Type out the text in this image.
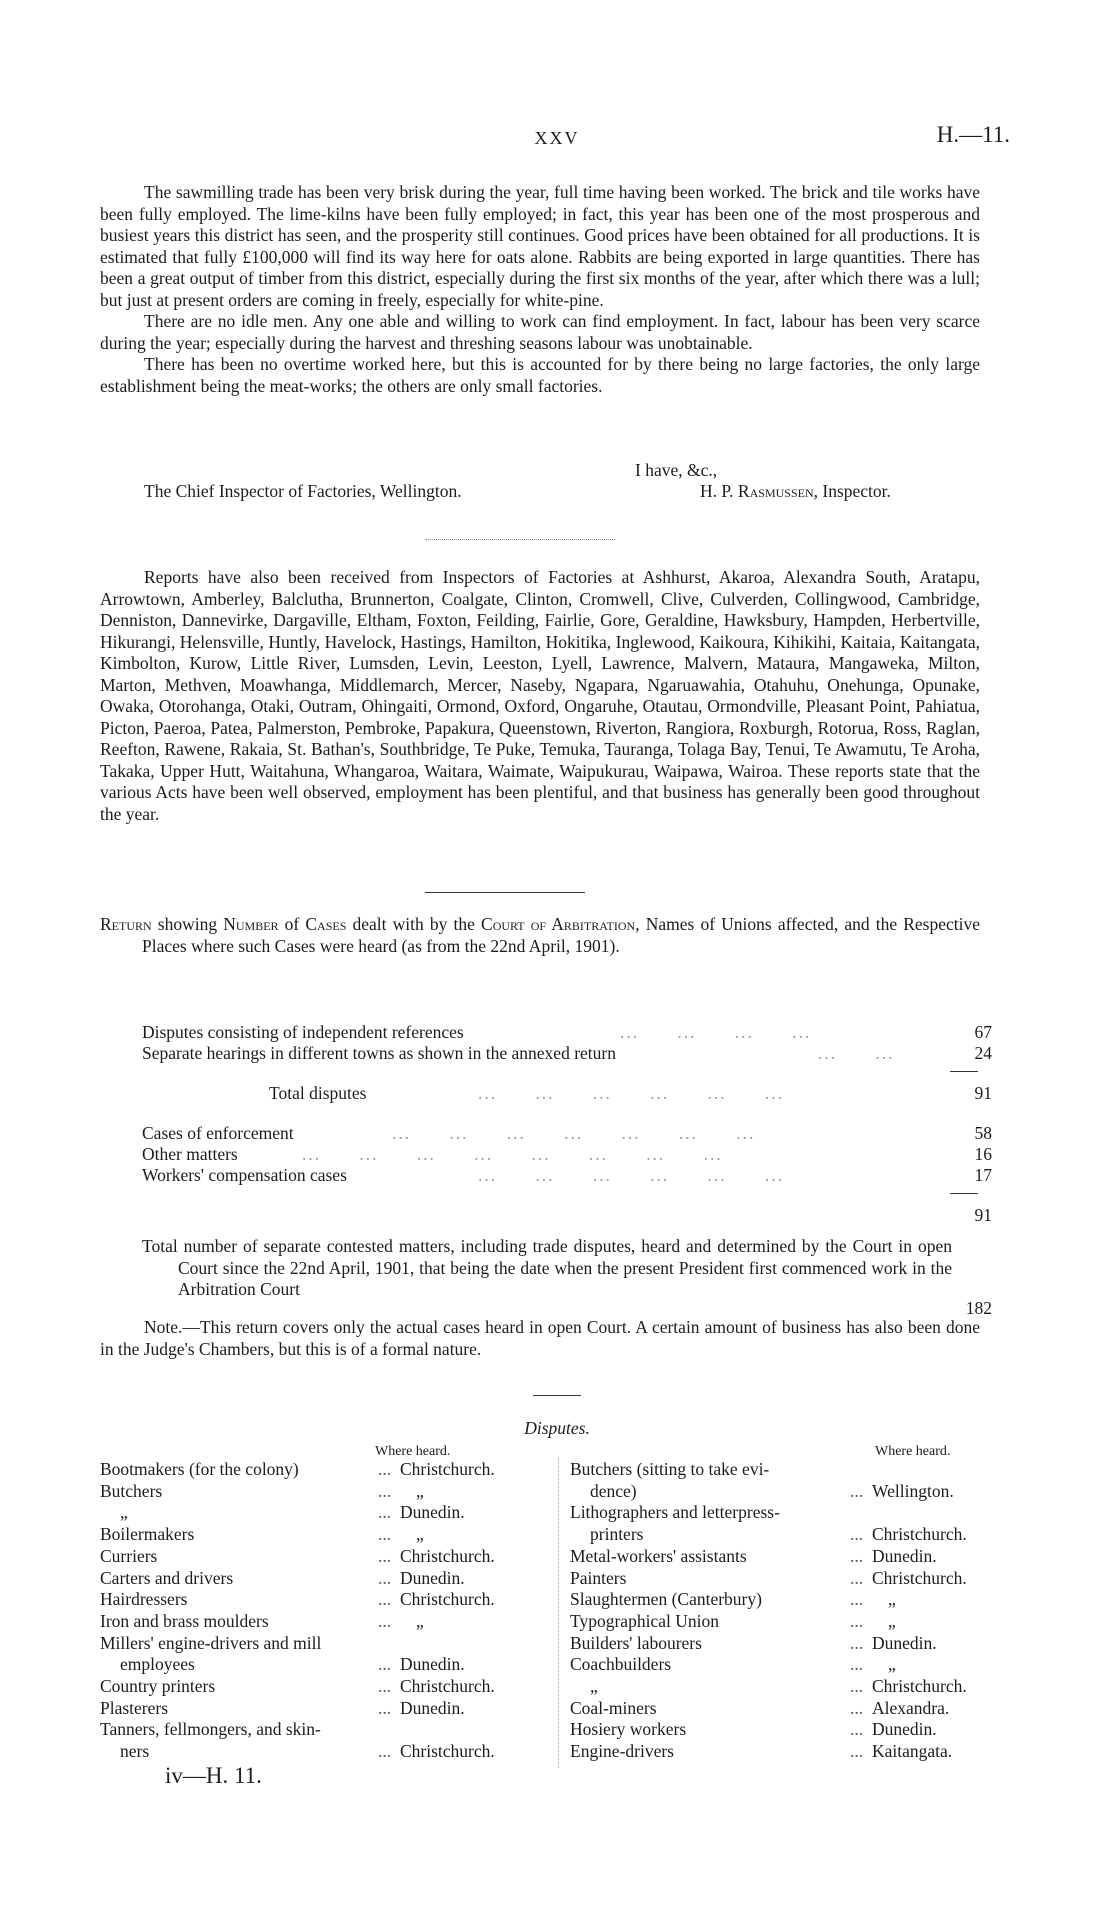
XXV	H.—11.

The sawmilling trade has been very brisk during the year, full time having been worked. The brick and tile works have been fully employed. The lime-kilns have been fully employed; in fact, this year has been one of the most prosperous and busiest years this district has seen, and the prosperity still continues. Good prices have been obtained for all productions. It is estimated that fully £100,000 will find its way here for oats alone. Rabbits are being exported in large quantities. There has been a great output of timber from this district, especially during the first six months of the year, after which there was a lull; but just at present orders are coming in freely, especially for white-pine.

There are no idle men. Any one able and willing to work can find employment. In fact, labour has been very scarce during the year; especially during the harvest and threshing seasons labour was unobtainable.

There has been no overtime worked here, but this is accounted for by there being no large factories, the only large establishment being the meat-works; the others are only small factories.

I have, &c.,
The Chief Inspector of Factories, Wellington.	H. P. Rasmussen, Inspector.

Reports have also been received from Inspectors of Factories at Ashhurst, Akaroa, Alexandra South, Aratapu, Arrowtown, Amberley, Balclutha, Brunnerton, Coalgate, Clinton, Cromwell, Clive, Culverden, Collingwood, Cambridge, Denniston, Dannevirke, Dargaville, Eltham, Foxton, Feilding, Fairlie, Gore, Geraldine, Hawksbury, Hampden, Herbertville, Hikurangi, Helensville, Huntly, Havelock, Hastings, Hamilton, Hokitika, Inglewood, Kaikoura, Kihikihi, Kaitaia, Kaitangata, Kimbolton, Kurow, Little River, Lumsden, Levin, Leeston, Lyell, Lawrence, Malvern, Mataura, Mangaweka, Milton, Marton, Methven, Moawhanga, Middlemarch, Mercer, Naseby, Ngapara, Ngaruawahia, Otahuhu, Onehunga, Opunake, Owaka, Otorohanga, Otaki, Outram, Ohingaiti, Ormond, Oxford, Ongaruhe, Otautau, Ormondville, Pleasant Point, Pahiatua, Picton, Paeroa, Patea, Palmerston, Pembroke, Papakura, Queenstown, Riverton, Rangiora, Roxburgh, Rotorua, Ross, Raglan, Reefton, Rawene, Rakaia, St. Bathan's, Southbridge, Te Puke, Temuka, Tauranga, Tolaga Bay, Tenui, Te Awamutu, Te Aroha, Takaka, Upper Hutt, Waitahuna, Whangaroa, Waitara, Waimate, Waipukurau, Waipawa, Wairoa. These reports state that the various Acts have been well observed, employment has been plentiful, and that business has generally been good throughout the year.

Return showing Number of Cases dealt with by the Court of Arbitration, Names of Unions affected, and the Respective Places where such Cases were heard (as from the 22nd April, 1901).
Disputes consisting of independent references	...      ...      ...      ...	67
Separate hearings in different towns as shown in the annexed return	...      ...	24
Total disputes	...      ...      ...      ...      ...      ...	91
Cases of enforcement	...      ...      ...      ...      ...      ...      ...	58
Other matters	...      ...      ...      ...      ...      ...      ...      ...	16
Workers' compensation cases	...      ...      ...      ...      ...      ...	17
91
Total number of separate contested matters, including trade disputes, heard and determined by the Court in open Court since the 22nd April, 1901, that being the date when the present President first commenced work in the Arbitration Court
182

Note.—This return covers only the actual cases heard in open Court. A certain amount of business has also been done in the Judge's Chambers, but this is of a formal nature.

Disputes.
Where heard.	Where heard.
Bootmakers (for the colony)	... Christchurch.
Butchers	... „
„	... Dunedin.
Boilermakers	... „
Curriers	... Christchurch.
Carters and drivers	... Dunedin.
Hairdressers	... Christchurch.
Iron and brass moulders	... „
Millers' engine-drivers and mill
employees	... Dunedin.
Country printers	... Christchurch.
Plasterers	... Dunedin.
Tanners, fellmongers, and skin-
ners	... Christchurch.
Butchers (sitting to take evi-
dence)	... Wellington.
Lithographers and letterpress-
printers	... Christchurch.
Metal-workers' assistants	... Dunedin.
Painters	... Christchurch.
Slaughtermen (Canterbury)	... „
Typographical Union	... „
Builders' labourers	... Dunedin.
Coachbuilders	... „
„	... Christchurch.
Coal-miners	... Alexandra.
Hosiery workers	... Dunedin.
Engine-drivers	... Kaitangata.
iv—H. 11.
